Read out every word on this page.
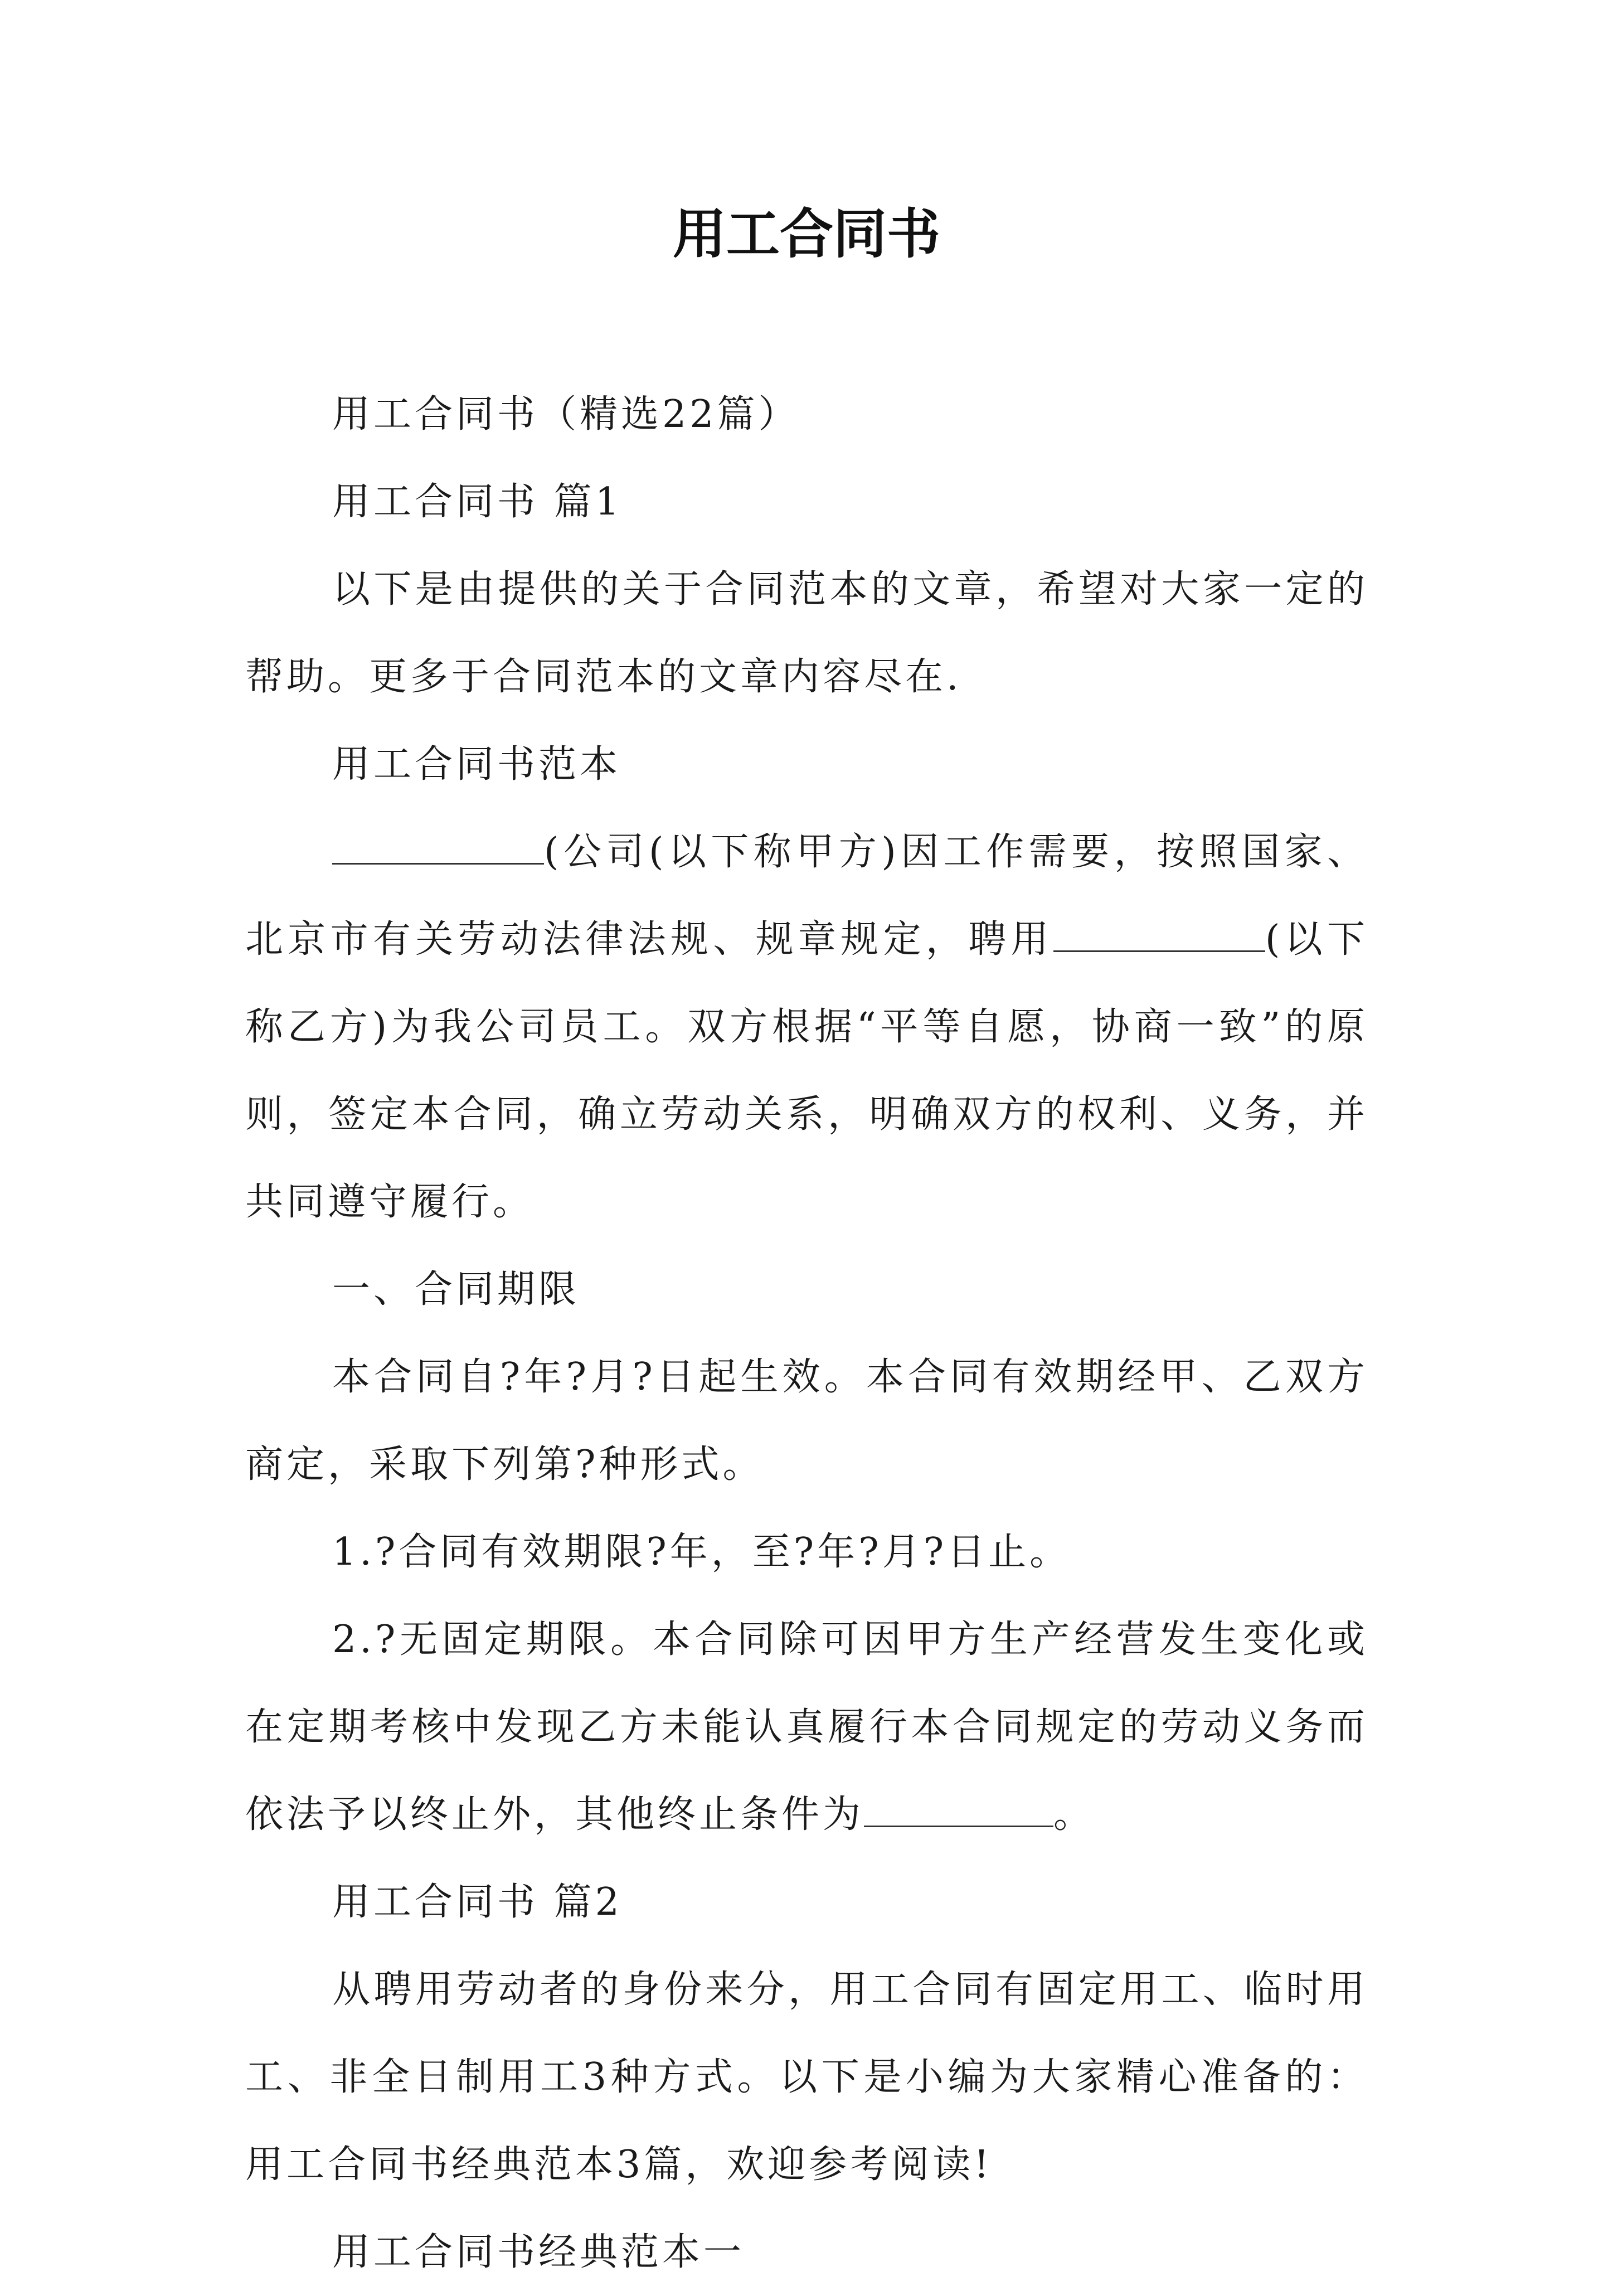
用工合同书

用工合同书（精选22篇）

用工合同书 篇1

以下是由提供的关于合同范本的文章，希望对大家一定的帮助。更多于合同范本的文章内容尽在.

用工合同书范本

(公司(以下称甲方)因工作需要，按照国家、北京市有关劳动法律法规、规章规定，聘用	(以下称乙方)为我公司员工。双方根据“平等自愿，协商一致”的原则，签定本合同，确立劳动关系，明确双方的权利、义务，并共同遵守履行。

一、合同期限

本合同自?年?月?日起生效。本合同有效期经甲、乙双方商定，采取下列第?种形式。

1.?合同有效期限?年，至?年?月?日止。

2.?无固定期限。本合同除可因甲方生产经营发生变化或在定期考核中发现乙方未能认真履行本合同规定的劳动义务而依法予以终止外，其他终止条件为	。

用工合同书 篇2

从聘用劳动者的身份来分，用工合同有固定用工、临时用工、非全日制用工3种方式。以下是小编为大家精心准备的：用工合同书经典范本3篇，欢迎参考阅读!

用工合同书经典范本一
